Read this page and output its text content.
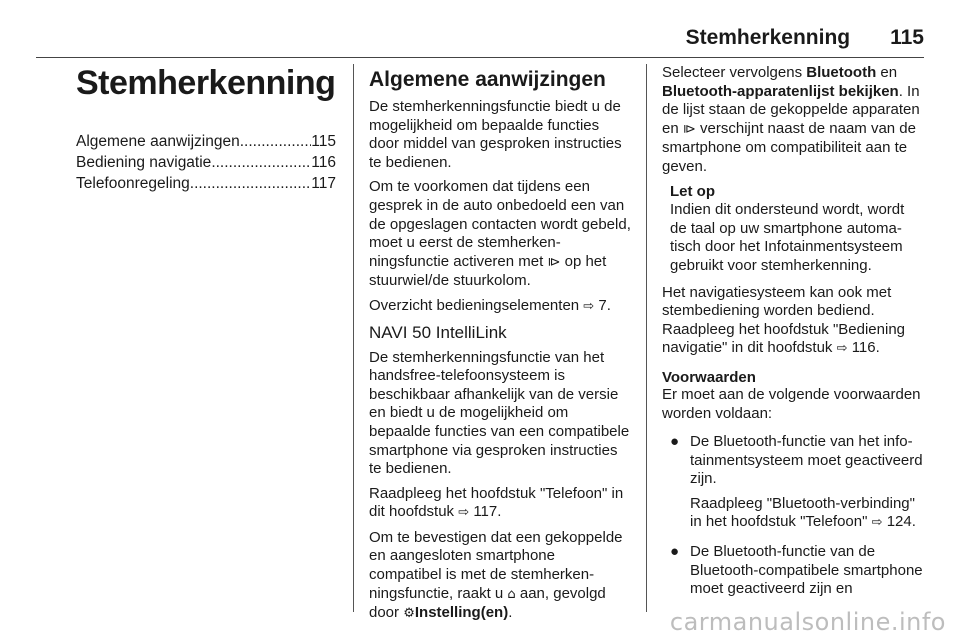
Stemherkenning 115
Stemherkenning
Algemene aanwijzingen .....	115
Bediening navigatie .....	116
Telefoonregeling .....	117
Algemene aanwijzingen

De stemherkenningsfunctie biedt u de mogelijkheid om bepaalde functies door middel van gesproken instructies te bedienen.

Om te voorkomen dat tijdens een gesprek in de auto onbedoeld een van de opgeslagen contacten wordt gebeld, moet u eerst de stemherkenningsfunctie activeren met ⧐ op het stuurwiel/de stuurkolom.

Overzicht bedieningselementen ⇨ 7.

NAVI 50 IntelliLink

De stemherkenningsfunctie van het handsfree-telefoonsysteem is beschikbaar afhankelijk van de versie en biedt u de mogelijkheid om bepaalde functies van een compatibele smartphone via gesproken instructies te bedienen.

Raadpleeg het hoofdstuk "Telefoon" in dit hoofdstuk ⇨ 117.

Om te bevestigen dat een gekoppelde en aangesloten smartphone compatibel is met de stemherkenningsfunctie, raakt u ⌂ aan, gevolgd door ⚙Instelling(en).

Selecteer vervolgens Bluetooth en Bluetooth-apparatenlijst bekijken. In de lijst staan de gekoppelde apparaten en ⧐ verschijnt naast de naam van de smartphone om compatibiliteit aan te geven.

Let op

Indien dit ondersteund wordt, wordt de taal op uw smartphone automatisch door het Infotainmentsysteem gebruikt voor stemherkenning.

Het navigatiesysteem kan ook met stembediening worden bediend. Raadpleeg het hoofdstuk "Bediening navigatie" in dit hoofdstuk ⇨ 116.

Voorwaarden

Er moet aan de volgende voorwaarden worden voldaan:

● De Bluetooth-functie van het infotainmentsysteem moet geactiveerd zijn.

Raadpleeg "Bluetooth-verbinding" in het hoofdstuk "Telefoon" ⇨ 124.

● De Bluetooth-functie van de Bluetooth-compatibele smartphone moet geactiveerd zijn en
carmanualsonline.info
